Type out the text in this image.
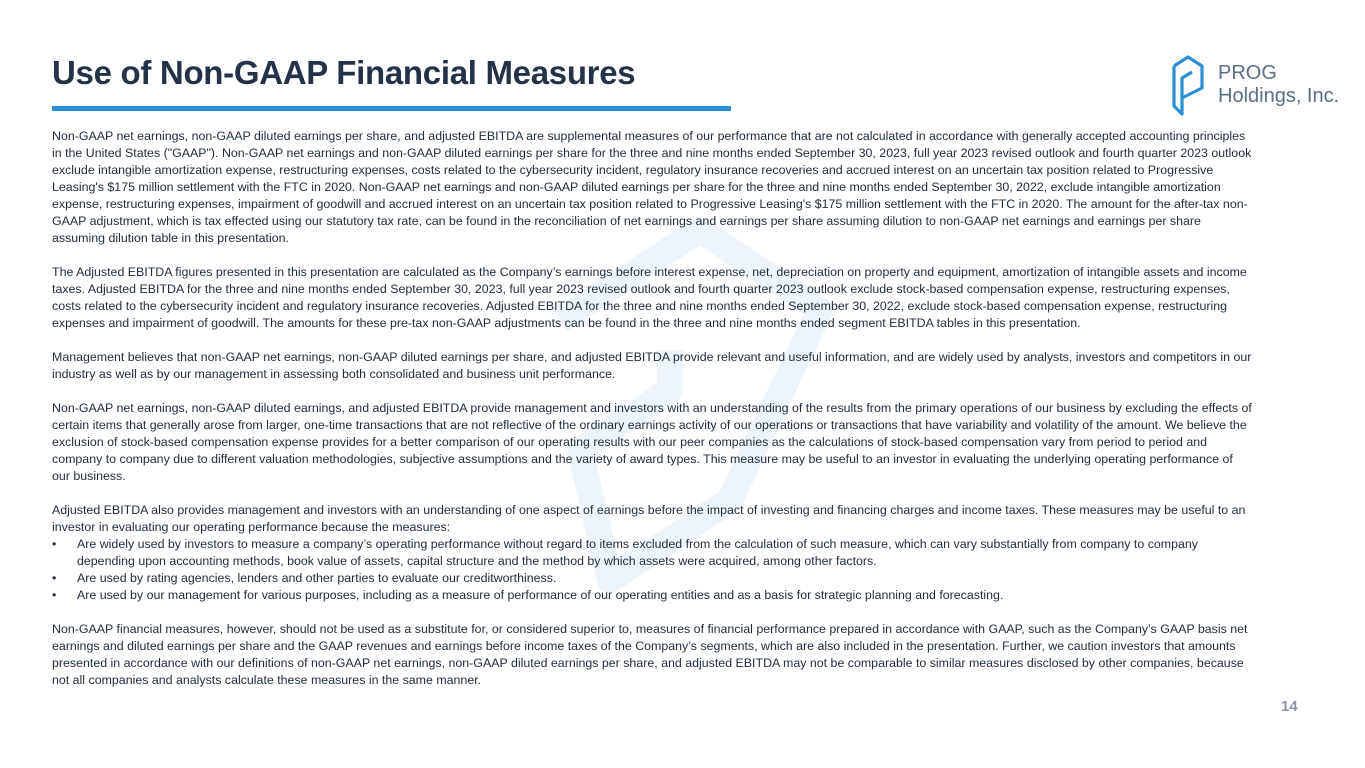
Use of Non-GAAP Financial Measures	PROG
Holdings, Inc.

Non-GAAP net earnings, non-GAAP diluted earnings per share, and adjusted EBITDA are supplemental measures of our performance that are not calculated in accordance with generally accepted accounting principles in the United States ("GAAP"). Non-GAAP net earnings and non-GAAP diluted earnings per share for the three and nine months ended September 30, 2023, full year 2023 revised outlook and fourth quarter 2023 outlook exclude intangible amortization expense, restructuring expenses, costs related to the cybersecurity incident, regulatory insurance recoveries and accrued interest on an uncertain tax position related to Progressive Leasing's $175 million settlement with the FTC in 2020. Non-GAAP net earnings and non-GAAP diluted earnings per share for the three and nine months ended September 30, 2022, exclude intangible amortization expense, restructuring expenses, impairment of goodwill and accrued interest on an uncertain tax position related to Progressive Leasing's $175 million settlement with the FTC in 2020. The amount for the after-tax non-GAAP adjustment, which is tax effected using our statutory tax rate, can be found in the reconciliation of net earnings and earnings per share assuming dilution to non-GAAP net earnings and earnings per share assuming dilution table in this presentation.

The Adjusted EBITDA figures presented in this presentation are calculated as the Company’s earnings before interest expense, net, depreciation on property and equipment, amortization of intangible assets and income taxes. Adjusted EBITDA for the three and nine months ended September 30, 2023, full year 2023 revised outlook and fourth quarter 2023 outlook exclude stock-based compensation expense, restructuring expenses, costs related to the cybersecurity incident and regulatory insurance recoveries. Adjusted EBITDA for the three and nine months ended September 30, 2022, exclude stock-based compensation expense, restructuring expenses and impairment of goodwill. The amounts for these pre-tax non-GAAP adjustments can be found in the three and nine months ended segment EBITDA tables in this presentation.

Management believes that non-GAAP net earnings, non-GAAP diluted earnings per share, and adjusted EBITDA provide relevant and useful information, and are widely used by analysts, investors and competitors in our industry as well as by our management in assessing both consolidated and business unit performance.

Non-GAAP net earnings, non-GAAP diluted earnings, and adjusted EBITDA provide management and investors with an understanding of the results from the primary operations of our business by excluding the effects of certain items that generally arose from larger, one-time transactions that are not reflective of the ordinary earnings activity of our operations or transactions that have variability and volatility of the amount. We believe the exclusion of stock-based compensation expense provides for a better comparison of our operating results with our peer companies as the calculations of stock-based compensation vary from period to period and company to company due to different valuation methodologies, subjective assumptions and the variety of award types. This measure may be useful to an investor in evaluating the underlying operating performance of our business.

Adjusted EBITDA also provides management and investors with an understanding of one aspect of earnings before the impact of investing and financing charges and income taxes. These measures may be useful to an investor in evaluating our operating performance because the measures:

• Are widely used by investors to measure a company’s operating performance without regard to items excluded from the calculation of such measure, which can vary substantially from company to company depending upon accounting methods, book value of assets, capital structure and the method by which assets were acquired, among other factors.
• Are used by rating agencies, lenders and other parties to evaluate our creditworthiness.
• Are used by our management for various purposes, including as a measure of performance of our operating entities and as a basis for strategic planning and forecasting.

Non-GAAP financial measures, however, should not be used as a substitute for, or considered superior to, measures of financial performance prepared in accordance with GAAP, such as the Company’s GAAP basis net earnings and diluted earnings per share and the GAAP revenues and earnings before income taxes of the Company’s segments, which are also included in the presentation. Further, we caution investors that amounts presented in accordance with our definitions of non-GAAP net earnings, non-GAAP diluted earnings per share, and adjusted EBITDA may not be comparable to similar measures disclosed by other companies, because not all companies and analysts calculate these measures in the same manner.

14
